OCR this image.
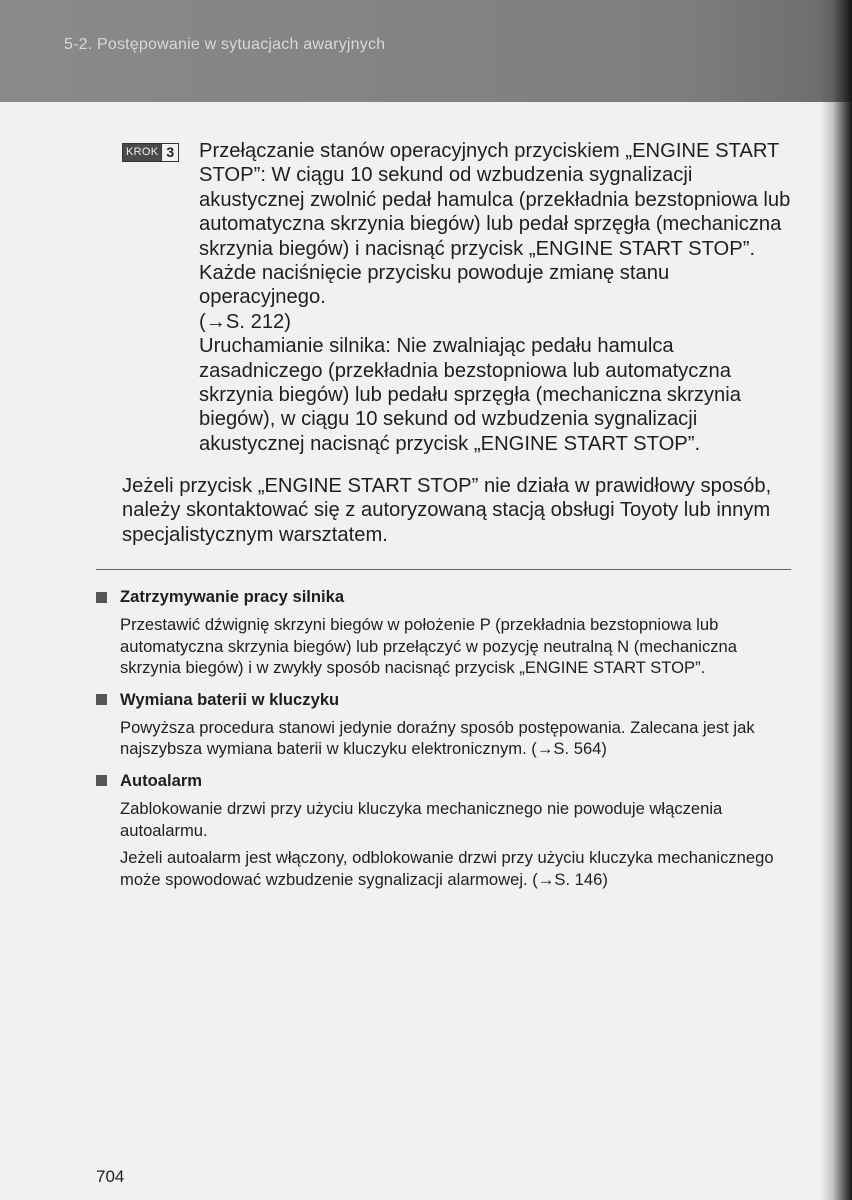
5-2. Postępowanie w sytuacjach awaryjnych
KROK 3 Przełączanie stanów operacyjnych przyciskiem „ENGINE START STOP”: W ciągu 10 sekund od wzbudzenia sygnalizacji akustycznej zwolnić pedał hamulca (przekładnia bezstopniowa lub automatyczna skrzynia biegów) lub pedał sprzęgła (mechaniczna skrzynia biegów) i nacisnąć przycisk „ENGINE START STOP”. Każde naciśnięcie przycisku powoduje zmianę stanu operacyjnego.

(→S. 212)

Uruchamianie silnika: Nie zwalniając pedału hamulca zasadniczego (przekładnia bezstopniowa lub automatyczna skrzynia biegów) lub pedału sprzęgła (mechaniczna skrzynia biegów), w ciągu 10 sekund od wzbudzenia sygnalizacji akustycznej nacisnąć przycisk „ENGINE START STOP”.

Jeżeli przycisk „ENGINE START STOP” nie działa w prawidłowy sposób, należy skontaktować się z autoryzowaną stacją obsługi Toyoty lub innym specjalistycznym warsztatem.

Zatrzymywanie pracy silnika

Przestawić dźwignię skrzyni biegów w położenie P (przekładnia bezstopniowa lub automatyczna skrzynia biegów) lub przełączyć w pozycję neutralną N (mechaniczna skrzynia biegów) i w zwykły sposób nacisnąć przycisk „ENGINE START STOP”.

Wymiana baterii w kluczyku

Powyższa procedura stanowi jedynie doraźny sposób postępowania. Zalecana jest jak najszybsza wymiana baterii w kluczyku elektronicznym. (→S. 564)

Autoalarm

Zablokowanie drzwi przy użyciu kluczyka mechanicznego nie powoduje włączenia autoalarmu.

Jeżeli autoalarm jest włączony, odblokowanie drzwi przy użyciu kluczyka mechanicznego może spowodować wzbudzenie sygnalizacji alarmowej. (→S. 146)

704
